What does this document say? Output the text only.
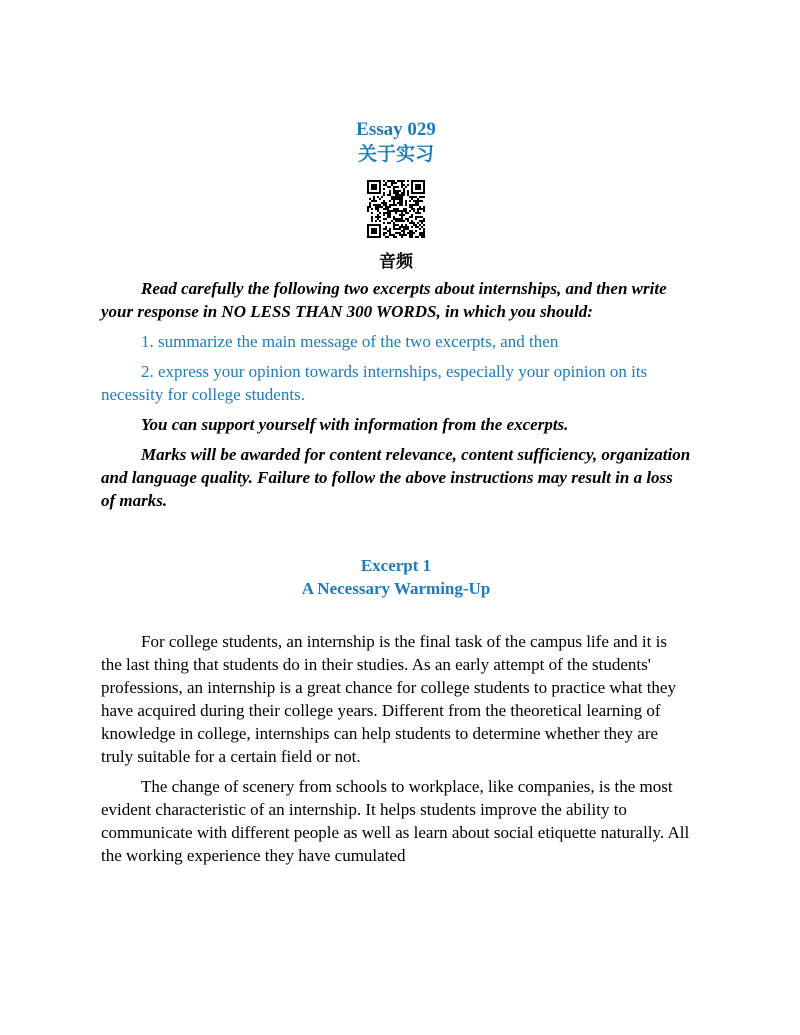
Essay 029
关于实习
音频

Read carefully the following two excerpts about internships, and then write your response in NO LESS THAN 300 WORDS, in which you should:

1. summarize the main message of the two excerpts, and then

2. express your opinion towards internships, especially your opinion on its necessity for college students.

You can support yourself with information from the excerpts.

Marks will be awarded for content relevance, content sufficiency, organization and language quality. Failure to follow the above instructions may result in a loss of marks.

Excerpt 1
A Necessary Warming-Up

For college students, an internship is the final task of the campus life and it is the last thing that students do in their studies. As an early attempt of the students' professions, an internship is a great chance for college students to practice what they have acquired during their college years. Different from the theoretical learning of knowledge in college, internships can help students to determine whether they are truly suitable for a certain field or not.

The change of scenery from schools to workplace, like companies, is the most evident characteristic of an internship. It helps students improve the ability to communicate with different people as well as learn about social etiquette naturally. All the working experience they have cumulated
